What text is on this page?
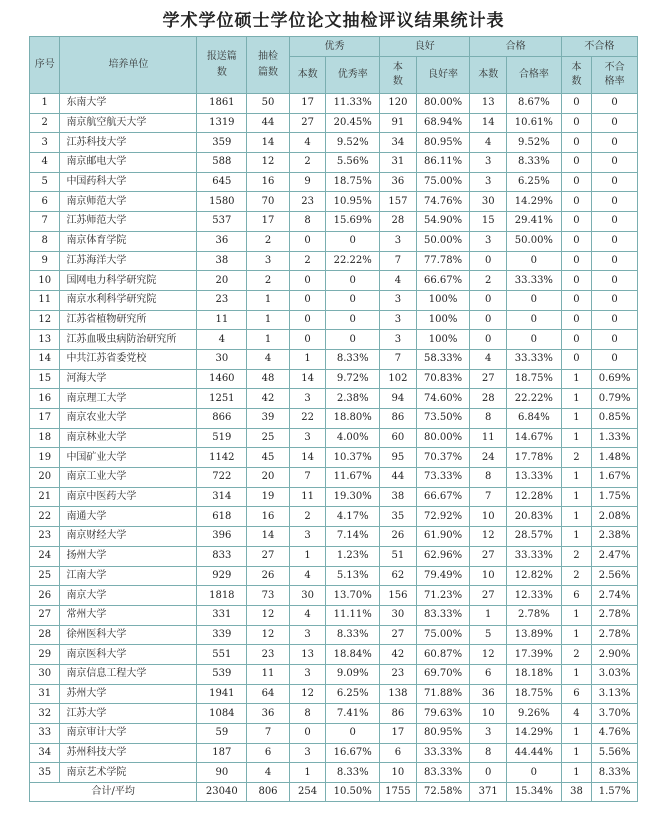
学术学位硕士学位论文抽检评议结果统计表
序号	培养单位	报送篇数	抽检篇数	优秀		良好		合格		不合格	
				本数	优秀率	本数	良好率	本数	合格率	本数	不合格率
1	东南大学	1861	50	17	11.33%	120	80.00%	13	8.67%	0	0
2	南京航空航天大学	1319	44	27	20.45%	91	68.94%	14	10.61%	0	0
3	江苏科技大学	359	14	4	9.52%	34	80.95%	4	9.52%	0	0
4	南京邮电大学	588	12	2	5.56%	31	86.11%	3	8.33%	0	0
5	中国药科大学	645	16	9	18.75%	36	75.00%	3	6.25%	0	0
6	南京师范大学	1580	70	23	10.95%	157	74.76%	30	14.29%	0	0
7	江苏师范大学	537	17	8	15.69%	28	54.90%	15	29.41%	0	0
8	南京体育学院	36	2	0	0	3	50.00%	3	50.00%	0	0
9	江苏海洋大学	38	3	2	22.22%	7	77.78%	0	0	0	0
10	国网电力科学研究院	20	2	0	0	4	66.67%	2	33.33%	0	0
11	南京水利科学研究院	23	1	0	0	3	100%	0	0	0	0
12	江苏省植物研究所	11	1	0	0	3	100%	0	0	0	0
13	江苏血吸虫病防治研究所	4	1	0	0	3	100%	0	0	0	0
14	中共江苏省委党校	30	4	1	8.33%	7	58.33%	4	33.33%	0	0
15	河海大学	1460	48	14	9.72%	102	70.83%	27	18.75%	1	0.69%
16	南京理工大学	1251	42	3	2.38%	94	74.60%	28	22.22%	1	0.79%
17	南京农业大学	866	39	22	18.80%	86	73.50%	8	6.84%	1	0.85%
18	南京林业大学	519	25	3	4.00%	60	80.00%	11	14.67%	1	1.33%
19	中国矿业大学	1142	45	14	10.37%	95	70.37%	24	17.78%	2	1.48%
20	南京工业大学	722	20	7	11.67%	44	73.33%	8	13.33%	1	1.67%
21	南京中医药大学	314	19	11	19.30%	38	66.67%	7	12.28%	1	1.75%
22	南通大学	618	16	2	4.17%	35	72.92%	10	20.83%	1	2.08%
23	南京财经大学	396	14	3	7.14%	26	61.90%	12	28.57%	1	2.38%
24	扬州大学	833	27	1	1.23%	51	62.96%	27	33.33%	2	2.47%
25	江南大学	929	26	4	5.13%	62	79.49%	10	12.82%	2	2.56%
26	南京大学	1818	73	30	13.70%	156	71.23%	27	12.33%	6	2.74%
27	常州大学	331	12	4	11.11%	30	83.33%	1	2.78%	1	2.78%
28	徐州医科大学	339	12	3	8.33%	27	75.00%	5	13.89%	1	2.78%
29	南京医科大学	551	23	13	18.84%	42	60.87%	12	17.39%	2	2.90%
30	南京信息工程大学	539	11	3	9.09%	23	69.70%	6	18.18%	1	3.03%
31	苏州大学	1941	64	12	6.25%	138	71.88%	36	18.75%	6	3.13%
32	江苏大学	1084	36	8	7.41%	86	79.63%	10	9.26%	4	3.70%
33	南京审计大学	59	7	0	0	17	80.95%	3	14.29%	1	4.76%
34	苏州科技大学	187	6	3	16.67%	6	33.33%	8	44.44%	1	5.56%
35	南京艺术学院	90	4	1	8.33%	10	83.33%	0	0	1	8.33%
合计/平均		23040	806	254	10.50%	1755	72.58%	371	15.34%	38	1.57%
